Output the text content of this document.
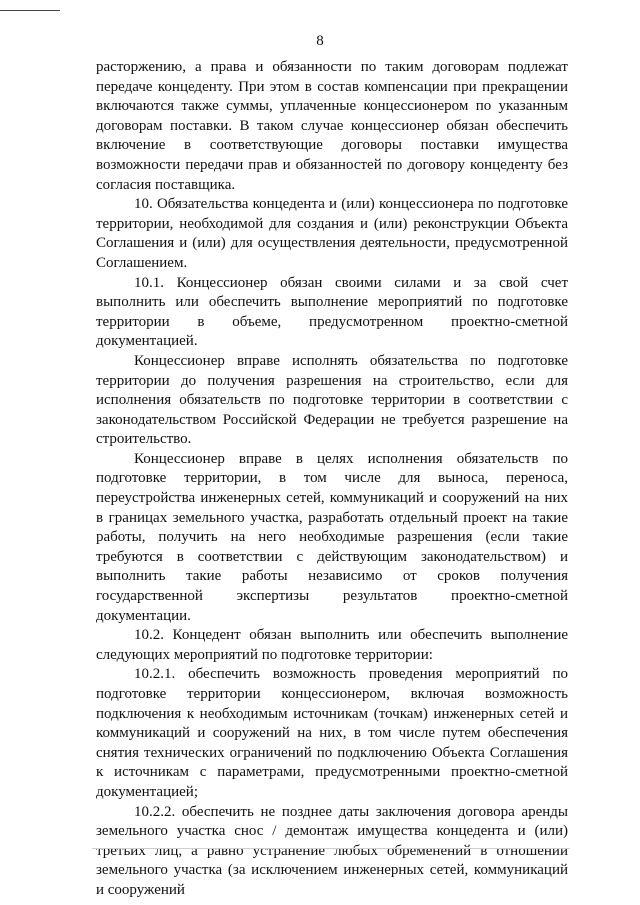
8

расторжению, а права и обязанности по таким договорам подлежат передаче концеденту. При этом в состав компенсации при прекращении включаются также суммы, уплаченные концессионером по указанным договорам поставки. В таком случае концессионер обязан обеспечить включение в соответствующие договоры поставки имущества возможности передачи прав и обязанностей по договору концеденту без согласия поставщика.

10. Обязательства концедента и (или) концессионера по подготовке территории, необходимой для создания и (или) реконструкции Объекта Соглашения и (или) для осуществления деятельности, предусмотренной Соглашением.

10.1. Концессионер обязан своими силами и за свой счет выполнить или обеспечить выполнение мероприятий по подготовке территории в объеме, предусмотренном проектно-сметной документацией.

Концессионер вправе исполнять обязательства по подготовке территории до получения разрешения на строительство, если для исполнения обязательств по подготовке территории в соответствии с законодательством Российской Федерации не требуется разрешение на строительство.

Концессионер вправе в целях исполнения обязательств по подготовке территории, в том числе для выноса, переноса, переустройства инженерных сетей, коммуникаций и сооружений на них в границах земельного участка, разработать отдельный проект на такие работы, получить на него необходимые разрешения (если такие требуются в соответствии с действующим законодательством) и выполнить такие работы независимо от сроков получения государственной экспертизы результатов проектно-сметной документации.

10.2. Концедент обязан выполнить или обеспечить выполнение следующих мероприятий по подготовке территории:

10.2.1. обеспечить возможность проведения мероприятий по подготовке территории концессионером, включая возможность подключения к необходимым источникам (точкам) инженерных сетей и коммуникаций и сооружений на них, в том числе путем обеспечения снятия технических ограничений по подключению Объекта Соглашения к источникам с параметрами, предусмотренными проектно-сметной документацией;

10.2.2. обеспечить не позднее даты заключения договора аренды земельного участка снос / демонтаж имущества концедента и (или) третьих лиц, а равно устранение любых обременений в отношении земельного участка (за исключением инженерных сетей, коммуникаций и сооружений
